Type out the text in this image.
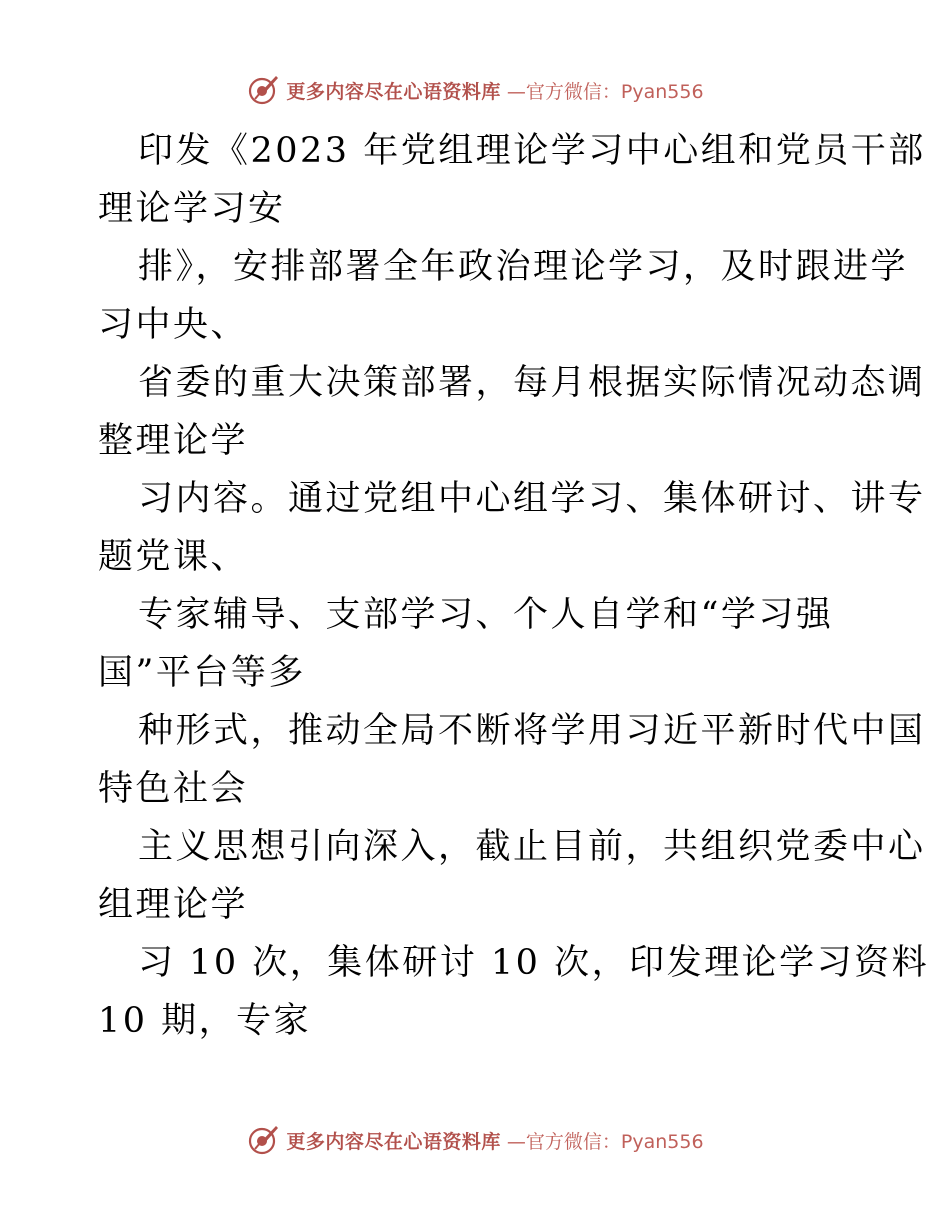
更多内容尽在心语资料库 —官方微信：Pyan556
印发《2023 年党组理论学习中心组和党员干部
理论学习安
排》，安排部署全年政治理论学习，及时跟进学
习中央、
省委的重大决策部署，每月根据实际情况动态调
整理论学
习内容。通过党组中心组学习、集体研讨、讲专
题党课、
专家辅导、支部学习、个人自学和“学习强
国”平台等多
种形式，推动全局不断将学用习近平新时代中国
特色社会
主义思想引向深入，截止目前，共组织党委中心
组理论学
习 10 次，集体研讨 10 次，印发理论学习资料
10 期，专家
更多内容尽在心语资料库 —官方微信：Pyan556
